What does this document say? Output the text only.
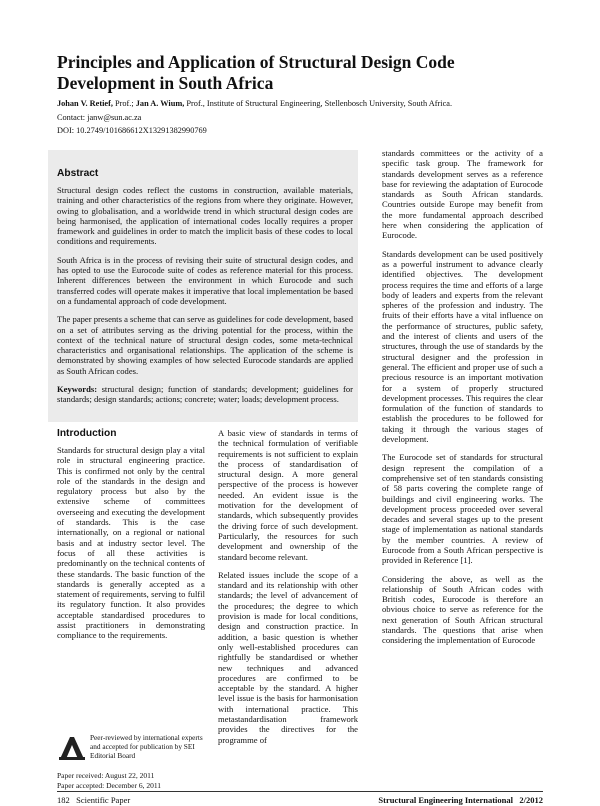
Principles and Application of Structural Design Code Development in South Africa
Johan V. Retief, Prof.; Jan A. Wium, Prof., Institute of Structural Engineering, Stellenbosch University, South Africa.
Contact: janw@sun.ac.za
DOI: 10.2749/101686612X13291382990769
Abstract

Structural design codes reflect the customs in construction, available materials, training and other characteristics of the regions from where they originate. However, owing to globalisation, and a worldwide trend in which structural design codes are being harmonised, the application of international codes locally requires a proper framework and guidelines in order to match the implicit basis of these codes to local conditions and requirements.

South Africa is in the process of revising their suite of structural design codes, and has opted to use the Eurocode suite of codes as reference material for this process. Inherent differences between the environment in which Eurocode and such transferred codes will operate makes it imperative that local implementation be based on a fundamental approach of code development.

The paper presents a scheme that can serve as guidelines for code development, based on a set of attributes serving as the driving potential for the process, within the context of the technical nature of structural design codes, some meta-technical characteristics and organisational relationships. The application of the scheme is demonstrated by showing examples of how selected Eurocode standards are applied as South African codes.

Keywords: structural design; function of standards; development; guidelines for standards; design standards; actions; concrete; water; loads; development process.

Introduction

Standards for structural design play a vital role in structural engineering practice. This is confirmed not only by the central role of the standards in the design and regulatory process but also by the extensive scheme of committees overseeing and executing the development of standards. This is the case internationally, on a regional or national basis and at industry sector level. The focus of all these activities is predominantly on the technical contents of these standards. The basic function of the standards is generally accepted as a statement of requirements, serving to fulfil its regulatory function. It also provides acceptable standardised procedures to assist practitioners in demonstrating compliance to the requirements.

A basic view of standards in terms of the technical formulation of verifiable requirements is not sufficient to explain the process of standardisation of structural design. A more general perspective of the process is however needed. An evident issue is the motivation for the development of standards, which subsequently provides the driving force of such development. Particularly, the resources for such development and ownership of the standard become relevant.

Related issues include the scope of a standard and its relationship with other standards; the level of advancement of the procedures; the degree to which provision is made for local conditions, design and construction practice. In addition, a basic question is whether only well-established procedures can rightfully be standardised or whether new techniques and advanced procedures are confirmed to be acceptable by the standard. A higher level issue is the basis for harmonisation with international practice. This metastandardisation framework provides the directives for the programme of

standards committees or the activity of a specific task group. The framework for standards development serves as a reference base for reviewing the adaptation of Eurocode standards as South African standards. Countries outside Europe may benefit from the more fundamental approach described here when considering the application of Eurocode.

Standards development can be used positively as a powerful instrument to advance clearly identified objectives. The development process requires the time and efforts of a large body of leaders and experts from the relevant spheres of the profession and industry. The fruits of their efforts have a vital influence on the performance of structures, public safety, and the interest of clients and users of the structures, through the use of standards by the structural designer and the profession in general. The efficient and proper use of such a precious resource is an important motivation for a system of properly structured development processes. This requires the clear formulation of the function of standards to establish the procedures to be followed for taking it through the various stages of development.

The Eurocode set of standards for structural design represent the compilation of a comprehensive set of ten standards consisting of 58 parts covering the complete range of buildings and civil engineering works. The development process proceeded over several decades and several stages up to the present stage of implementation as national standards by the member countries. A review of Eurocode from a South African perspective is provided in Reference [1].

Considering the above, as well as the relationship of South African codes with British codes, Eurocode is therefore an obvious choice to serve as reference for the next generation of South African structural standards. The questions that arise when considering the implementation of Eurocode

Peer-reviewed by international experts and accepted for publication by SEI Editorial Board
Paper received: August 22, 2011
Paper accepted: December 6, 2011
182   Scientific Paper	Structural Engineering International   2/2012
